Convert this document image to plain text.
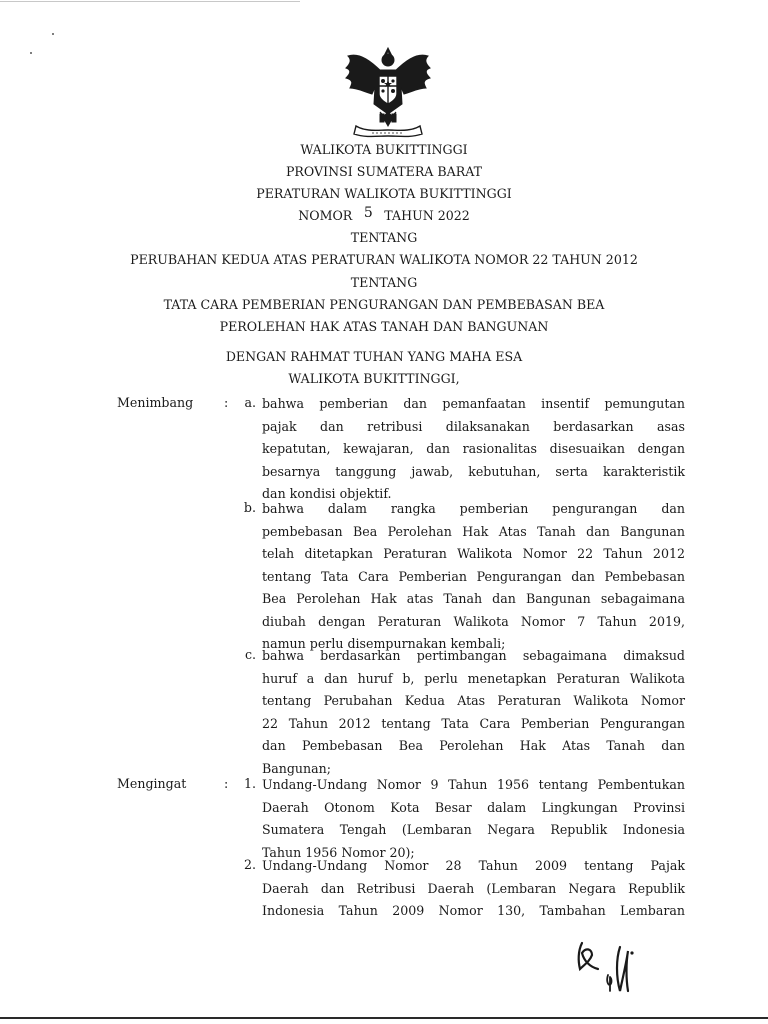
WALIKOTA BUKITTINGGI
PROVINSI SUMATERA BARAT
PERATURAN WALIKOTA BUKITTINGGI
NOMOR 5 TAHUN 2022
TENTANG
PERUBAHAN KEDUA ATAS PERATURAN WALIKOTA NOMOR 22 TAHUN 2012
TENTANG
TATA CARA PEMBERIAN PENGURANGAN DAN PEMBEBASAN BEA
PEROLEHAN HAK ATAS TANAH DAN BANGUNAN
DENGAN RAHMAT TUHAN YANG MAHA ESA
WALIKOTA BUKITTINGGI,
Menimbang :	a. bahwa pemberian dan pemanfaatan insentif pemungutan
pajak dan retribusi dilaksanakan berdasarkan asas
kepatutan, kewajaran, dan rasionalitas disesuaikan dengan
besarnya tanggung jawab, kebutuhan, serta karakteristik
dan kondisi objektif.
b. bahwa dalam rangka pemberian pengurangan dan
pembebasan Bea Perolehan Hak Atas Tanah dan Bangunan
telah ditetapkan Peraturan Walikota Nomor 22 Tahun 2012
tentang Tata Cara Pemberian Pengurangan dan Pembebasan
Bea Perolehan Hak atas Tanah dan Bangunan sebagaimana
diubah dengan Peraturan Walikota Nomor 7 Tahun 2019,
namun perlu disempurnakan kembali;
c. bahwa berdasarkan pertimbangan sebagaimana dimaksud
huruf a dan huruf b, perlu menetapkan Peraturan Walikota
tentang Perubahan Kedua Atas Peraturan Walikota Nomor
22 Tahun 2012 tentang Tata Cara Pemberian Pengurangan
dan Pembebasan Bea Perolehan Hak Atas Tanah dan
Bangunan;
Mengingat	:	1. Undang-Undang Nomor 9 Tahun 1956 tentang Pembentukan
Daerah Otonom Kota Besar dalam Lingkungan Provinsi
Sumatera Tengah (Lembaran Negara Republik Indonesia
Tahun 1956 Nomor 20);
2. Undang-Undang Nomor 28 Tahun 2009 tentang Pajak
Daerah dan Retribusi Daerah (Lembaran Negara Republik
Indonesia Tahun 2009 Nomor 130, Tambahan Lembaran
